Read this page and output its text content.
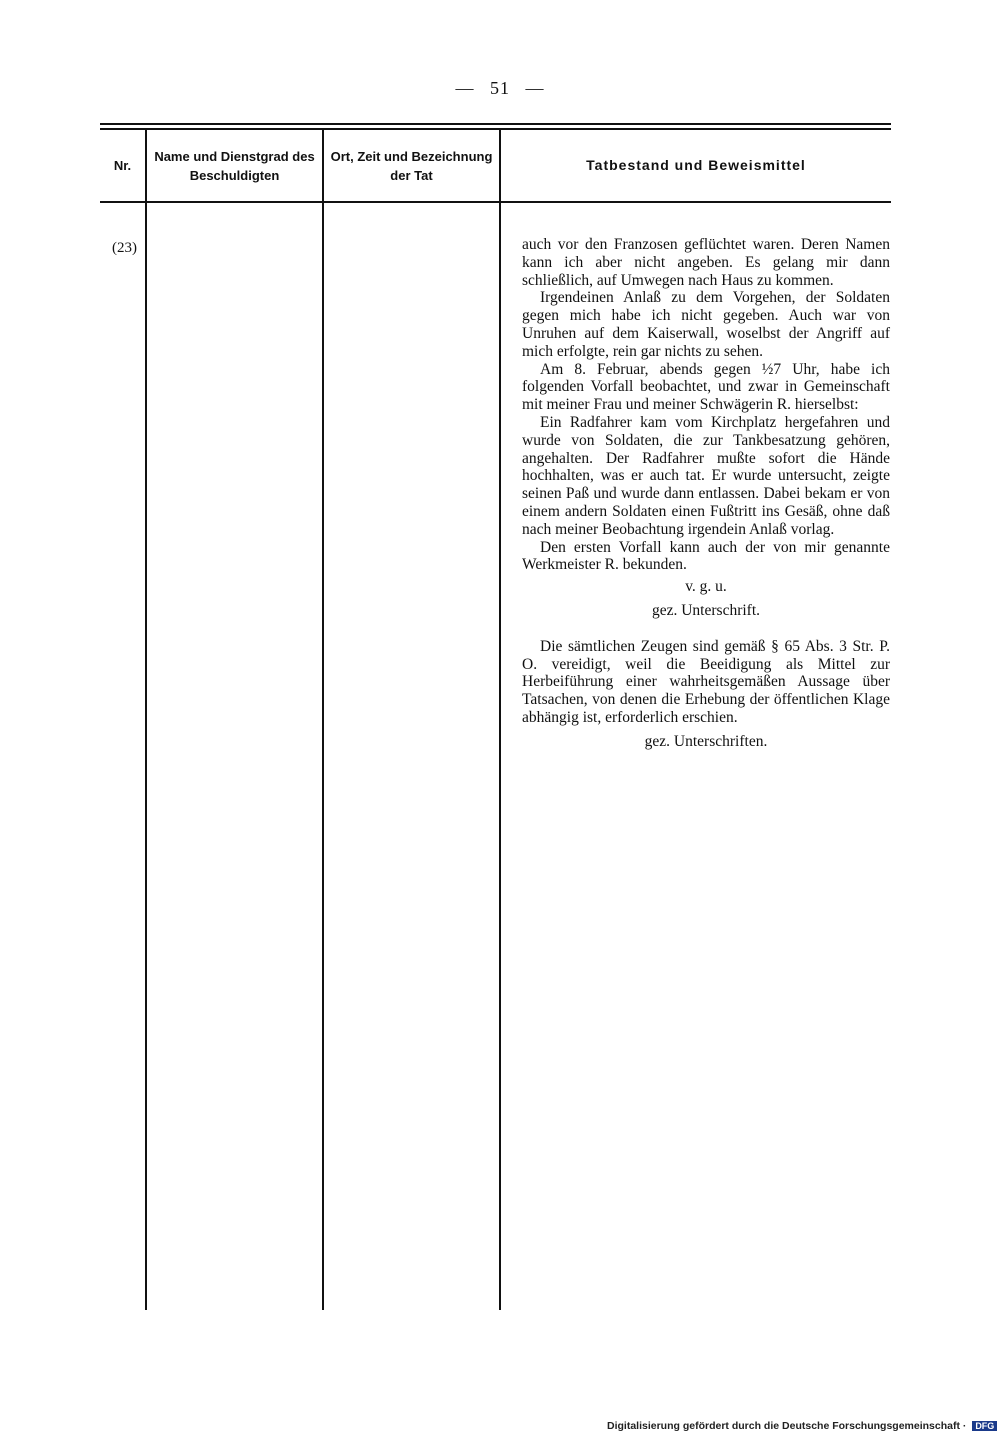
— 51 —
Nr.
Name und Dienstgrad des Beschuldigten
Ort, Zeit und Bezeichnung der Tat
Tatbestand und Beweismittel
(23)	auch vor den Franzosen geflüchtet waren. Deren Namen kann ich aber nicht angeben. Es gelang mir dann schließlich, auf Umwegen nach Haus zu kommen.

Irgendeinen Anlaß zu dem Vorgehen, der Soldaten gegen mich habe ich nicht gegeben. Auch war von Unruhen auf dem Kaiserwall, woselbst der Angriff auf mich erfolgte, rein gar nichts zu sehen.

Am 8. Februar, abends gegen ½7 Uhr, habe ich folgenden Vorfall beobachtet, und zwar in Gemeinschaft mit meiner Frau und meiner Schwägerin R. hierselbst:

Ein Radfahrer kam vom Kirchplatz hergefahren und wurde von Soldaten, die zur Tankbesatzung gehören, angehalten. Der Radfahrer mußte sofort die Hände hochhalten, was er auch tat. Er wurde untersucht, zeigte seinen Paß und wurde dann entlassen. Dabei bekam er von einem andern Soldaten einen Fußtritt ins Gesäß, ohne daß nach meiner Beobachtung irgendein Anlaß vorlag.

Den ersten Vorfall kann auch der von mir genannte Werkmeister R. bekunden.

v. g. u.

gez. Unterschrift.

Die sämtlichen Zeugen sind gemäß § 65 Abs. 3 Str. P. O. vereidigt, weil die Beeidigung als Mittel zur Herbeiführung einer wahrheitsgemäßen Aussage über Tatsachen, von denen die Erhebung der öffentlichen Klage abhängig ist, erforderlich erschien.

gez. Unterschriften.

Digitalisierung gefördert durch die Deutsche Forschungsgemeinschaft · DFG
